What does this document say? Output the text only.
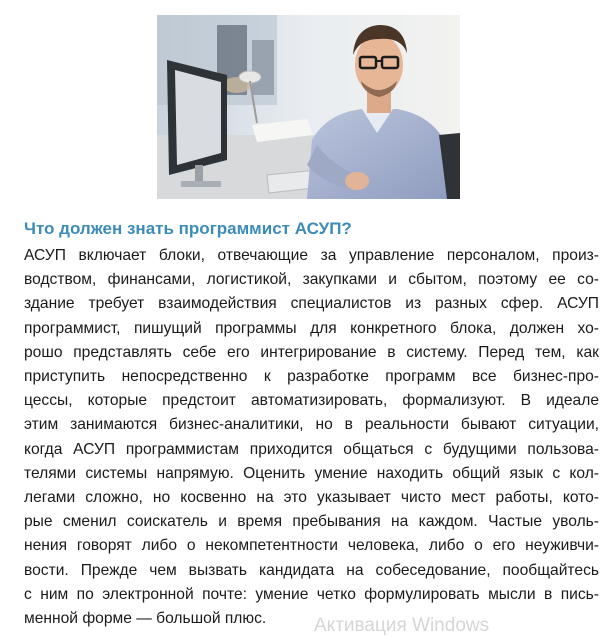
Что должен знать программист АСУП?
АСУП включает блоки, отвечающие за управление персоналом, произ-
водством, финансами, логистикой, закупками и сбытом, поэтому ее со-
здание требует взаимодействия специалистов из разных сфер. АСУП
программист, пишущий программы для конкретного блока, должен хо-
рошо представлять себе его интегрирование в систему. Перед тем, как
приступить непосредственно к разработке программ все бизнес-про-
цессы, которые предстоит автоматизировать, формализуют. В идеале
этим занимаются бизнес-аналитики, но в реальности бывают ситуации,
когда АСУП программистам приходится общаться с будущими пользова-
телями системы напрямую. Оценить умение находить общий язык с кол-
легами сложно, но косвенно на это указывает чисто мест работы, кото-
рые сменил соискатель и время пребывания на каждом. Частые уволь-
нения говорят либо о некомпетентности человека, либо о его неуживчи-
вости. Прежде чем вызвать кандидата на собеседование, пообщайтесь
с ним по электронной почте: умение четко формулировать мысли в пись-
менной форме — большой плюс.	Активация Windows
